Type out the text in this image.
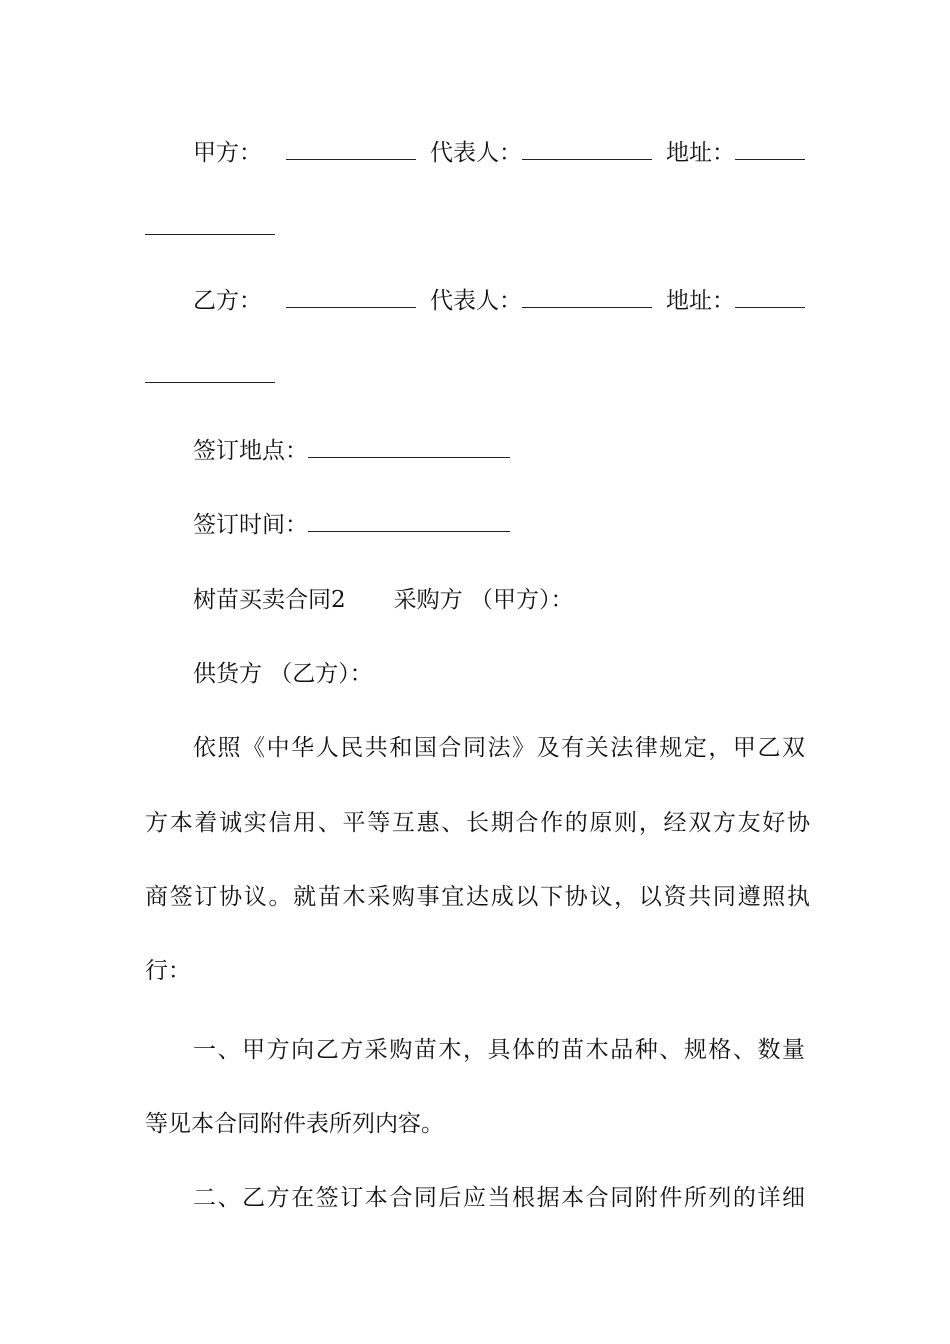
甲方：	代表人：	地址：
乙方：	代表人：	地址：
签订地点：
签订时间：
树苗买卖合同2 采购方 （甲方）：
供货方 （乙方）：
依照《中华人民共和国合同法》及有关法律规定，甲乙双
方本着诚实信用、平等互惠、长期合作的原则，经双方友好协
商签订协议。就苗木采购事宜达成以下协议，以资共同遵照执
行：
一、甲方向乙方采购苗木，具体的苗木品种、规格、数量
等见本合同附件表所列内容。
二、乙方在签订本合同后应当根据本合同附件所列的详细
